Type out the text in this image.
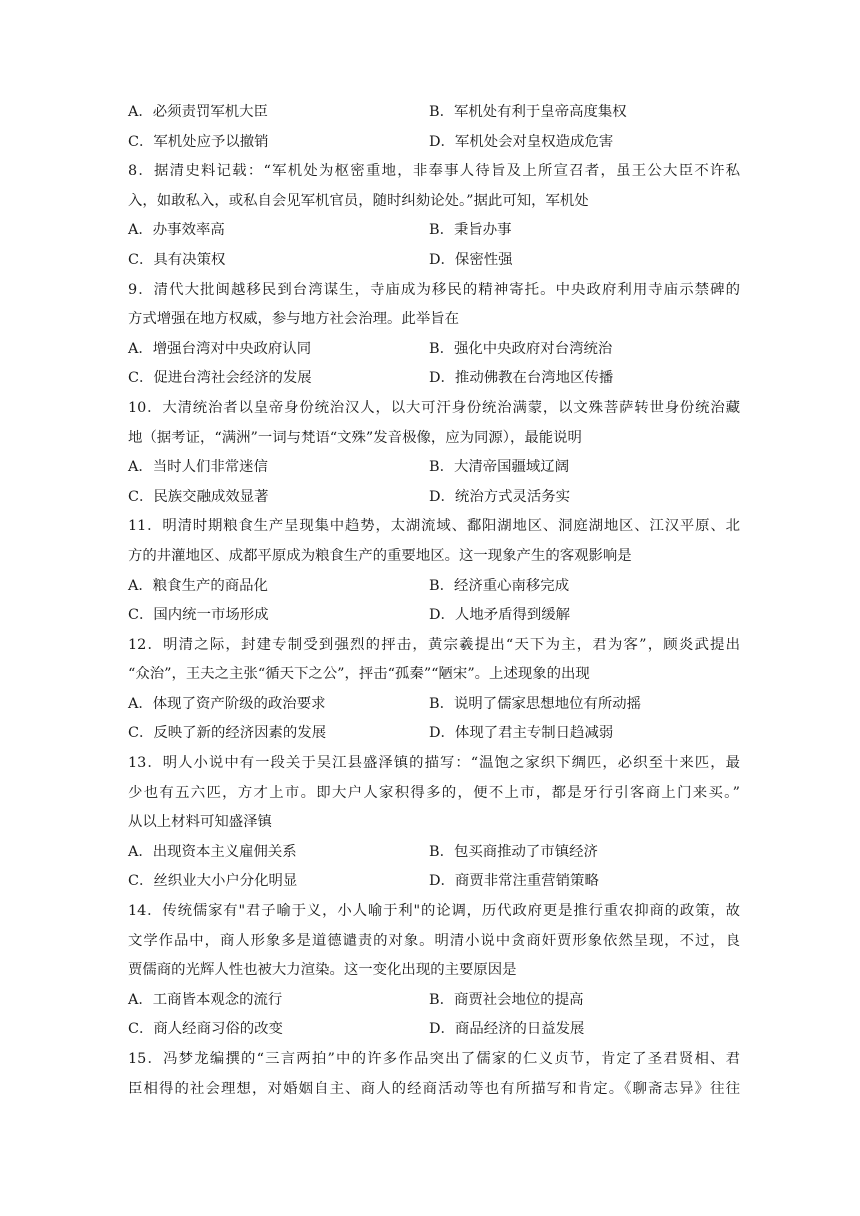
A．必须责罚军机大臣	B．军机处有利于皇帝高度集权
C．军机处应予以撤销	D．军机处会对皇权造成危害
8．据清史料记载：“军机处为枢密重地，非奉事人待旨及上所宣召者，虽王公大臣不许私
入，如敢私入，或私自会见军机官员，随时纠劾论处。”据此可知，军机处
A．办事效率高	B．秉旨办事
C．具有决策权	D．保密性强
9．清代大批闽越移民到台湾谋生，寺庙成为移民的精神寄托。中央政府利用寺庙示禁碑的
方式增强在地方权威，参与地方社会治理。此举旨在
A．增强台湾对中央政府认同	B．强化中央政府对台湾统治
C．促进台湾社会经济的发展	D．推动佛教在台湾地区传播
10．大清统治者以皇帝身份统治汉人，以大可汗身份统治满蒙，以文殊菩萨转世身份统治藏
地（据考证，“满洲”一词与梵语“文殊”发音极像，应为同源），最能说明
A．当时人们非常迷信	B．大清帝国疆域辽阔
C．民族交融成效显著	D．统治方式灵活务实
11．明清时期粮食生产呈现集中趋势，太湖流域、鄱阳湖地区、洞庭湖地区、江汉平原、北
方的井灌地区、成都平原成为粮食生产的重要地区。这一现象产生的客观影响是
A．粮食生产的商品化	B．经济重心南移完成
C．国内统一市场形成	D．人地矛盾得到缓解
12．明清之际，封建专制受到强烈的抨击，黄宗羲提出“天下为主，君为客”，顾炎武提出
“众治”，王夫之主张“循天下之公”，抨击“孤秦”“陋宋”。上述现象的出现
A．体现了资产阶级的政治要求	B．说明了儒家思想地位有所动摇
C．反映了新的经济因素的发展	D．体现了君主专制日趋减弱
13．明人小说中有一段关于吴江县盛泽镇的描写：“温饱之家织下绸匹，必织至十来匹，最
少也有五六匹，方才上市。即大户人家积得多的，便不上市，都是牙行引客商上门来买。”
从以上材料可知盛泽镇
A．出现资本主义雇佣关系	B．包买商推动了市镇经济
C．丝织业大小户分化明显	D．商贾非常注重营销策略
14．传统儒家有"君子喻于义，小人喻于利"的论调，历代政府更是推行重农抑商的政策，故
文学作品中，商人形象多是道德谴责的对象。明清小说中贪商奸贾形象依然呈现，不过，良
贾儒商的光辉人性也被大力渲染。这一变化出现的主要原因是
A．工商皆本观念的流行	B．商贾社会地位的提高
C．商人经商习俗的改变	D．商品经济的日益发展
15．冯梦龙编撰的“三言两拍”中的许多作品突出了儒家的仁义贞节，肯定了圣君贤相、君
臣相得的社会理想，对婚姻自主、商人的经商活动等也有所描写和肯定。《聊斋志异》往往
